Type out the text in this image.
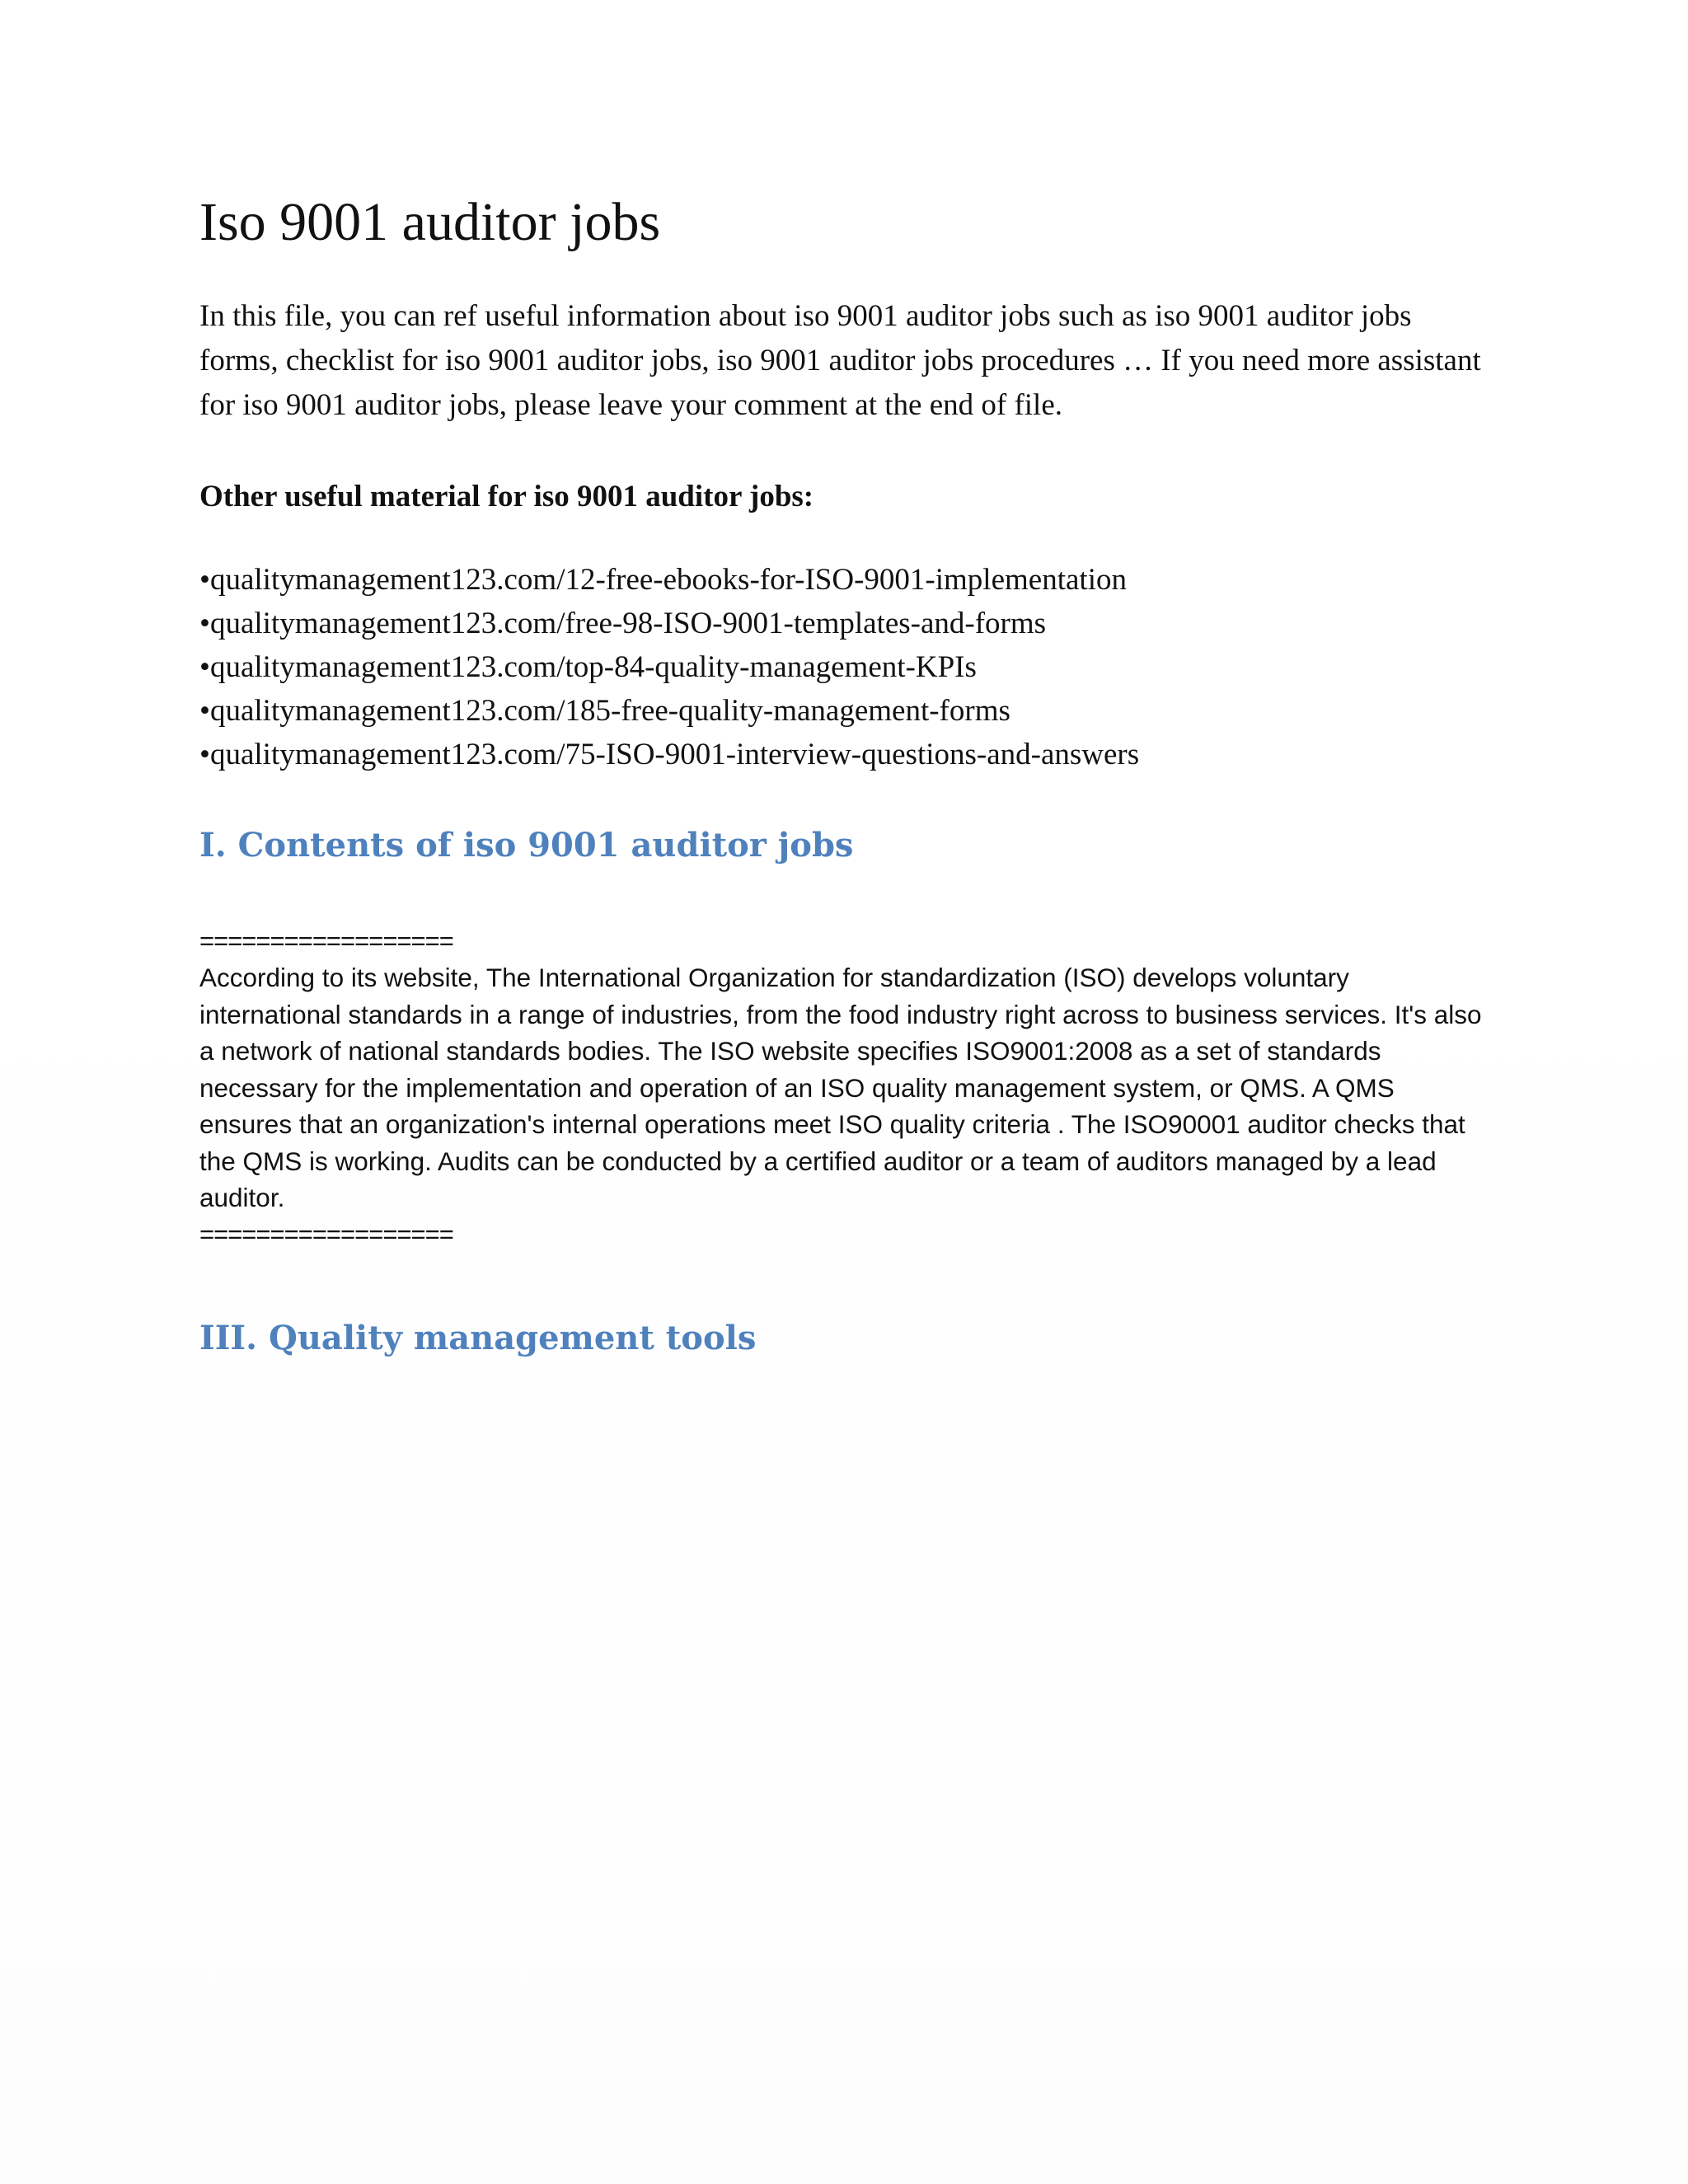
Iso 9001 auditor jobs

In this file, you can ref useful information about iso 9001 auditor jobs such as iso 9001 auditor jobs forms, checklist for iso 9001 auditor jobs, iso 9001 auditor jobs procedures … If you need more assistant for iso 9001 auditor jobs, please leave your comment at the end of file.

Other useful material for iso 9001 auditor jobs:
• qualitymanagement123.com/12-free-ebooks-for-ISO-9001-implementation
• qualitymanagement123.com/free-98-ISO-9001-templates-and-forms
• qualitymanagement123.com/top-84-quality-management-KPIs
• qualitymanagement123.com/185-free-quality-management-forms
• qualitymanagement123.com/75-ISO-9001-interview-questions-and-answers
I. Contents of iso 9001 auditor jobs
==================

According to its website, The International Organization for standardization (ISO) develops voluntary international standards in a range of industries, from the food industry right across to business services. It's also a network of national standards bodies. The ISO website specifies ISO9001:2008 as a set of standards necessary for the implementation and operation of an ISO quality management system, or QMS. A QMS ensures that an organization's internal operations meet ISO quality criteria . The ISO90001 auditor checks that the QMS is working. Audits can be conducted by a certified auditor or a team of auditors managed by a lead auditor.

==================
III. Quality management tools
